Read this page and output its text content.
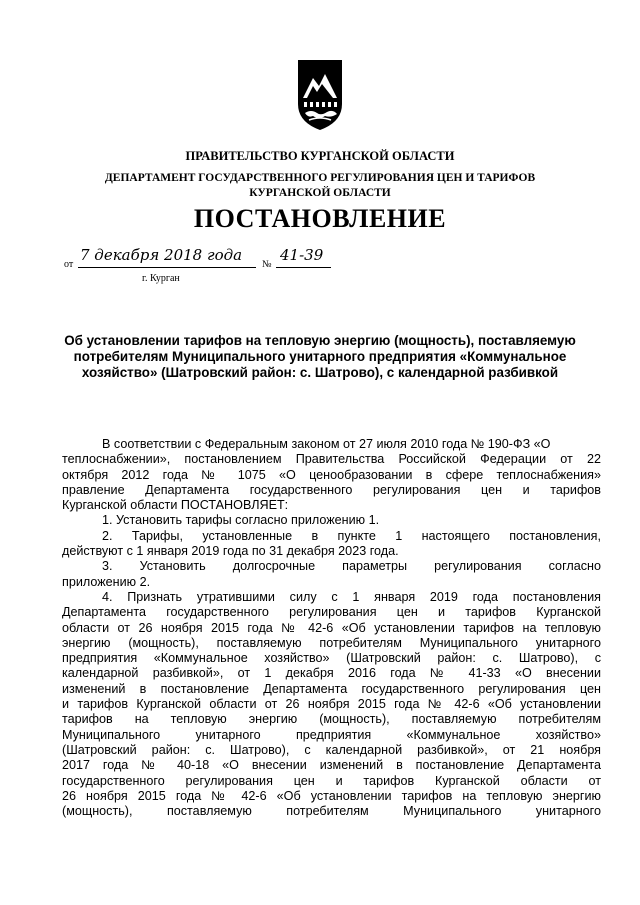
ПРАВИТЕЛЬСТВО КУРГАНСКОЙ ОБЛАСТИ
ДЕПАРТАМЕНТ ГОСУДАРСТВЕННОГО РЕГУЛИРОВАНИЯ ЦЕН И ТАРИФОВ
КУРГАНСКОЙ ОБЛАСТИ
ПОСТАНОВЛЕНИЕ
от
7 декабря 2018 года
№
41-39
г. Курган
Об установлении тарифов на тепловую энергию (мощность), поставляемую
потребителям Муниципального унитарного предприятия «Коммунальное
хозяйство» (Шатровский район: с. Шатрово), с календарной разбивкой
В соответствии с Федеральным законом от 27 июля 2010 года № 190-ФЗ «О
теплоснабжении», постановлением Правительства Российской Федерации от 22
октября 2012 года № 1075 «О ценообразовании в сфере теплоснабжения»
правление Департамента государственного регулирования цен и тарифов
Курганской области ПОСТАНОВЛЯЕТ:
1. Установить тарифы согласно приложению 1.
2. Тарифы, установленные в пункте 1 настоящего постановления,
действуют с 1 января 2019 года по 31 декабря 2023 года.
3. Установить долгосрочные параметры регулирования согласно
приложению 2.
4. Признать утратившими силу с 1 января 2019 года постановления
Департамента государственного регулирования цен и тарифов Курганской
области от 26 ноября 2015 года № 42-6 «Об установлении тарифов на тепловую
энергию (мощность), поставляемую потребителям Муниципального унитарного
предприятия «Коммунальное хозяйство» (Шатровский район: с. Шатрово), с
календарной разбивкой», от 1 декабря 2016 года № 41-33 «О внесении
изменений в постановление Департамента государственного регулирования цен
и тарифов Курганской области от 26 ноября 2015 года № 42-6 «Об установлении
тарифов на тепловую энергию (мощность), поставляемую потребителям
Муниципального унитарного предприятия «Коммунальное хозяйство»
(Шатровский район: с. Шатрово), с календарной разбивкой», от 21 ноября
2017 года № 40-18 «О внесении изменений в постановление Департамента
государственного регулирования цен и тарифов Курганской области от
26 ноября 2015 года № 42-6 «Об установлении тарифов на тепловую энергию
(мощность), поставляемую потребителям Муниципального унитарного
